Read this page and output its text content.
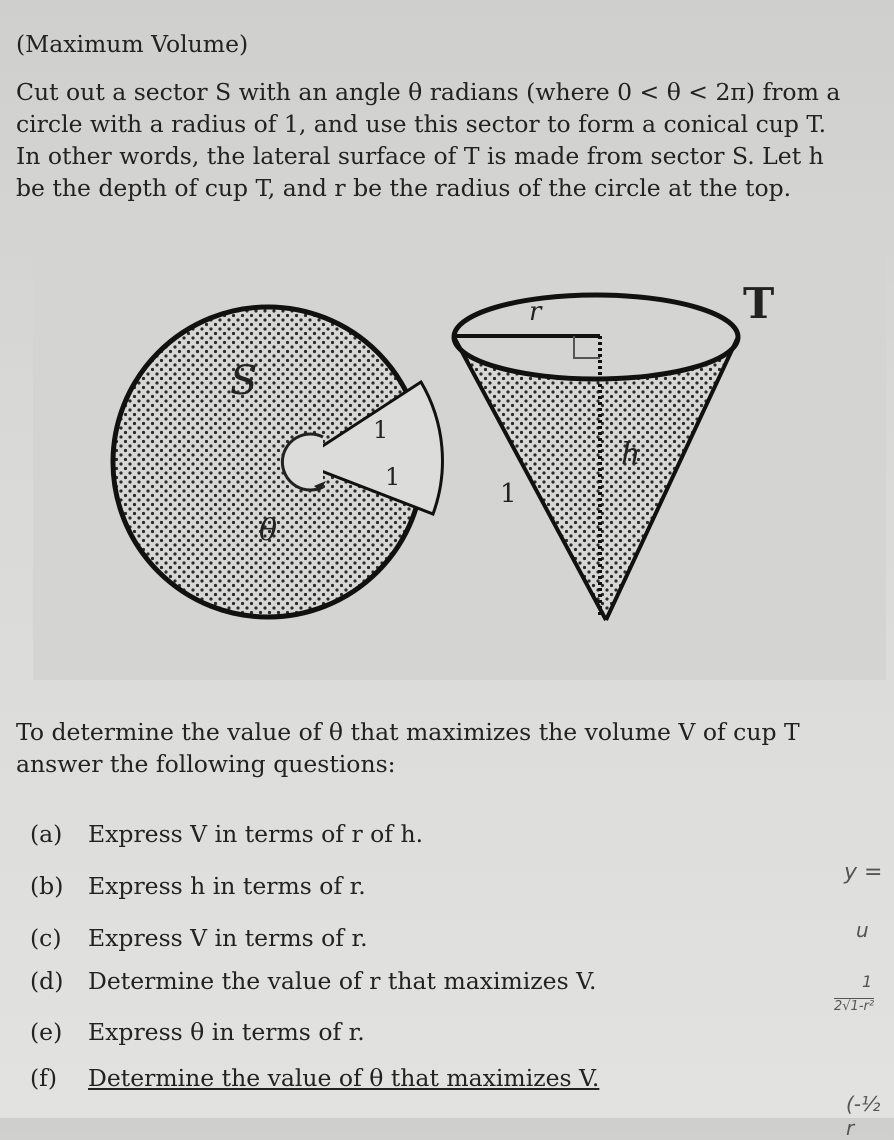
(Maximum Volume)
Cut out a sector S with an angle θ radians (where 0 < θ < 2π) from a
circle with a radius of 1, and use this sector to form a conical cup T.
In other words, the lateral surface of T is made from sector S. Let h
be the depth of cup T, and r be the radius of the circle at the top.
S
θ
1
1
1
r
h
T
To determine the value of θ that maximizes the volume V of cup T
answer the following questions:
(a) Express V in terms of r of h.
(b) Express h in terms of r.
(c) Express V in terms of r.
(d) Determine the value of r that maximizes V.
(e) Express θ in terms of r.
(f) Determine the value of θ that maximizes V.
y =
u
1
2√1-r²
(-½ r
